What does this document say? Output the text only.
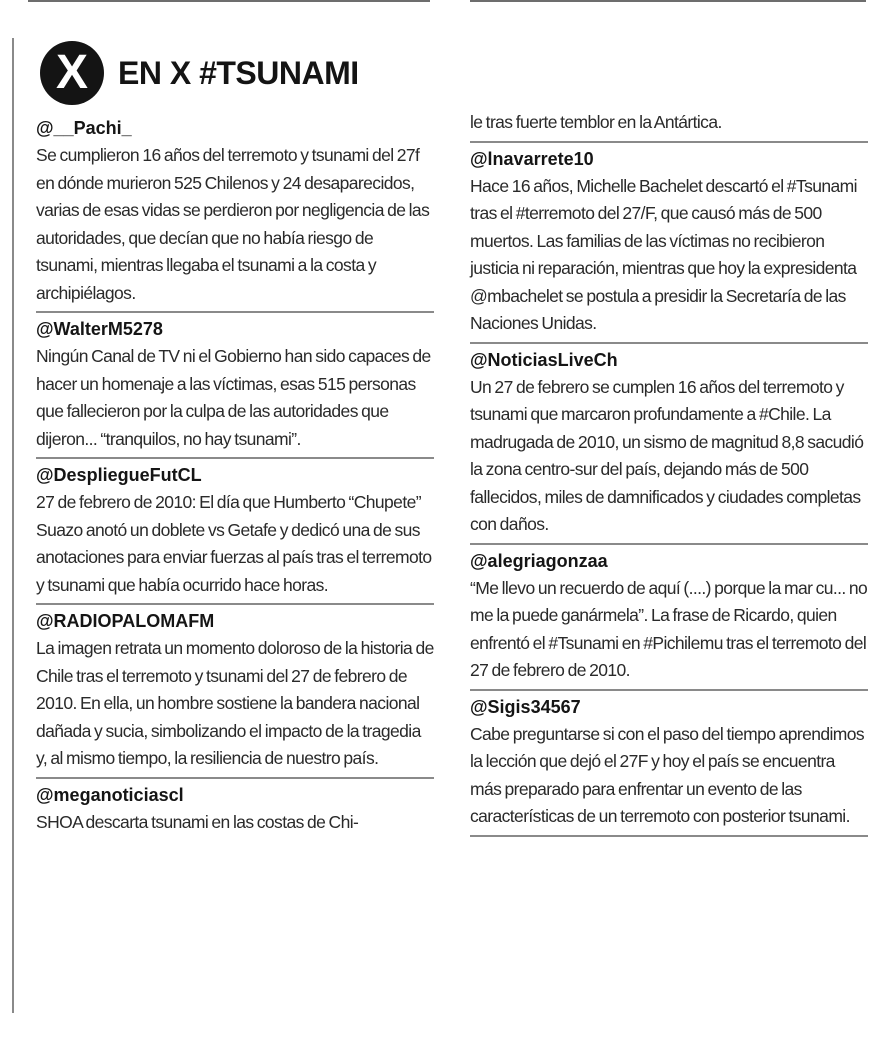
X EN X #TSUNAMI
@__Pachi_
Se cumplieron 16 años del terremoto y tsunami del 27f en dónde murieron 525 Chilenos y 24 desaparecidos, varias de esas vidas se perdieron por negligencia de las autoridades, que decían que no había riesgo de tsunami, mientras llegaba el tsunami a la costa y archipiélagos.
@WalterM5278
Ningún Canal de TV ni el Gobierno han sido capaces de hacer un homenaje a las víctimas, esas 515 personas que fallecieron por la culpa de las autoridades que dijeron... “tranquilos, no hay tsunami”.
@DespliegueFutCL
27 de febrero de 2010: El día que Humberto “Chupete” Suazo anotó un doblete vs Getafe y dedicó una de sus anotaciones para enviar fuerzas al país tras el terremoto y tsunami que había ocurrido hace horas.
@RADIOPALOMAFM
La imagen retrata un momento doloroso de la historia de Chile tras el terremoto y tsunami del 27 de febrero de 2010. En ella, un hombre sostiene la bandera nacional dañada y sucia, simbolizando el impacto de la tragedia y, al mismo tiempo, la resiliencia de nuestro país.
@meganoticiascl
SHOA descarta tsunami en las costas de Chi-
le tras fuerte temblor en la Antártica.
@lnavarrete10
Hace 16 años, Michelle Bachelet descartó el #Tsunami tras el #terremoto del 27/F, que causó más de 500 muertos. Las familias de las víctimas no recibieron justicia ni reparación, mientras que hoy la expresidenta @mbachelet se postula a presidir la Secretaría de las Naciones Unidas.
@NoticiasLiveCh
Un 27 de febrero se cumplen 16 años del terremoto y tsunami que marcaron profundamente a #Chile. La madrugada de 2010, un sismo de magnitud 8,8 sacudió la zona centro-sur del país, dejando más de 500 fallecidos, miles de damnificados y ciudades completas con daños.
@alegriagonzaa
“Me llevo un recuerdo de aquí (....) porque la mar cu... no me la puede ganármela”. La frase de Ricardo, quien enfrentó el #Tsunami en #Pichilemu tras el terremoto del 27 de febrero de 2010.
@Sigis34567
Cabe preguntarse si con el paso del tiempo aprendimos la lección que dejó el 27F y hoy el país se encuentra más preparado para enfrentar un evento de las características de un terremoto con posterior tsunami.
